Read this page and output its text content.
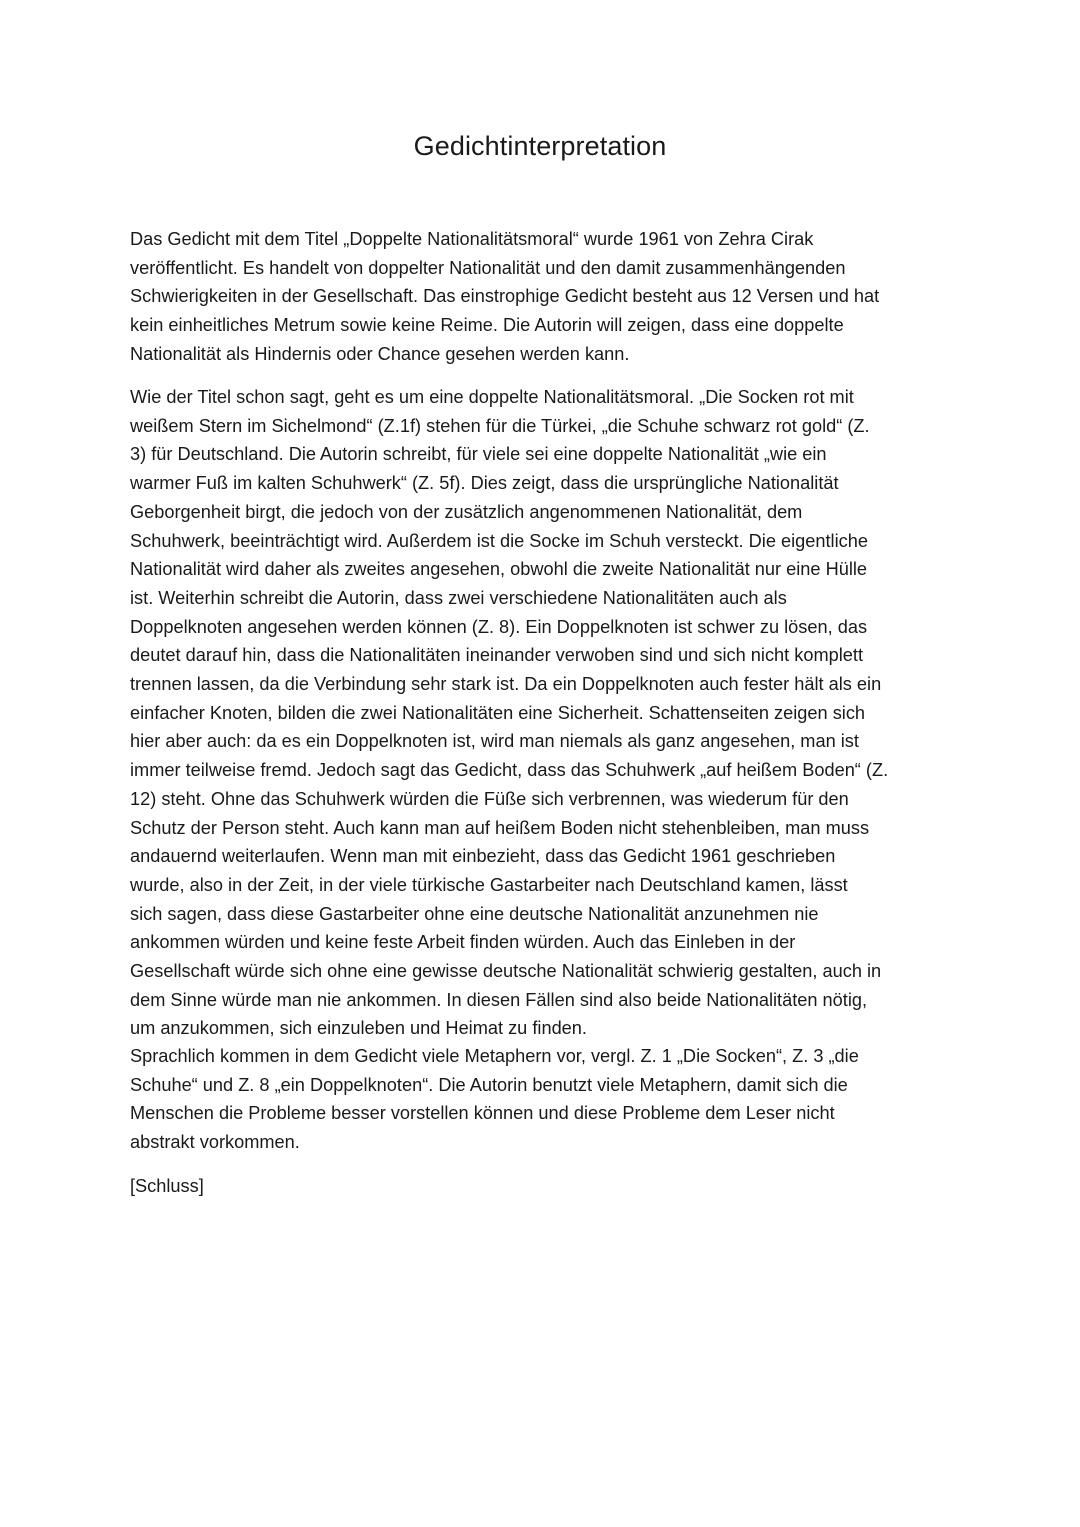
Gedichtinterpretation
Das Gedicht mit dem Titel „Doppelte Nationalitätsmoral“ wurde 1961 von Zehra Cirak
veröffentlicht. Es handelt von doppelter Nationalität und den damit zusammenhängenden
Schwierigkeiten in der Gesellschaft. Das einstrophige Gedicht besteht aus 12 Versen und hat
kein einheitliches Metrum sowie keine Reime. Die Autorin will zeigen, dass eine doppelte
Nationalität als Hindernis oder Chance gesehen werden kann.
Wie der Titel schon sagt, geht es um eine doppelte Nationalitätsmoral. „Die Socken rot mit
weißem Stern im Sichelmond“ (Z.1f) stehen für die Türkei, „die Schuhe schwarz rot gold“ (Z.
3) für Deutschland. Die Autorin schreibt, für viele sei eine doppelte Nationalität „wie ein
warmer Fuß im kalten Schuhwerk“ (Z. 5f). Dies zeigt, dass die ursprüngliche Nationalität
Geborgenheit birgt, die jedoch von der zusätzlich angenommenen Nationalität, dem
Schuhwerk, beeinträchtigt wird. Außerdem ist die Socke im Schuh versteckt. Die eigentliche
Nationalität wird daher als zweites angesehen, obwohl die zweite Nationalität nur eine Hülle
ist. Weiterhin schreibt die Autorin, dass zwei verschiedene Nationalitäten auch als
Doppelknoten angesehen werden können (Z. 8). Ein Doppelknoten ist schwer zu lösen, das
deutet darauf hin, dass die Nationalitäten ineinander verwoben sind und sich nicht komplett
trennen lassen, da die Verbindung sehr stark ist. Da ein Doppelknoten auch fester hält als ein
einfacher Knoten, bilden die zwei Nationalitäten eine Sicherheit. Schattenseiten zeigen sich
hier aber auch: da es ein Doppelknoten ist, wird man niemals als ganz angesehen, man ist
immer teilweise fremd. Jedoch sagt das Gedicht, dass das Schuhwerk „auf heißem Boden“ (Z.
12) steht. Ohne das Schuhwerk würden die Füße sich verbrennen, was wiederum für den
Schutz der Person steht. Auch kann man auf heißem Boden nicht stehenbleiben, man muss
andauernd weiterlaufen. Wenn man mit einbezieht, dass das Gedicht 1961 geschrieben
wurde, also in der Zeit, in der viele türkische Gastarbeiter nach Deutschland kamen, lässt
sich sagen, dass diese Gastarbeiter ohne eine deutsche Nationalität anzunehmen nie
ankommen würden und keine feste Arbeit finden würden. Auch das Einleben in der
Gesellschaft würde sich ohne eine gewisse deutsche Nationalität schwierig gestalten, auch in
dem Sinne würde man nie ankommen. In diesen Fällen sind also beide Nationalitäten nötig,
um anzukommen, sich einzuleben und Heimat zu finden.
Sprachlich kommen in dem Gedicht viele Metaphern vor, vergl. Z. 1 „Die Socken“, Z. 3 „die
Schuhe“ und Z. 8 „ein Doppelknoten“. Die Autorin benutzt viele Metaphern, damit sich die
Menschen die Probleme besser vorstellen können und diese Probleme dem Leser nicht
abstrakt vorkommen.
[Schluss]
